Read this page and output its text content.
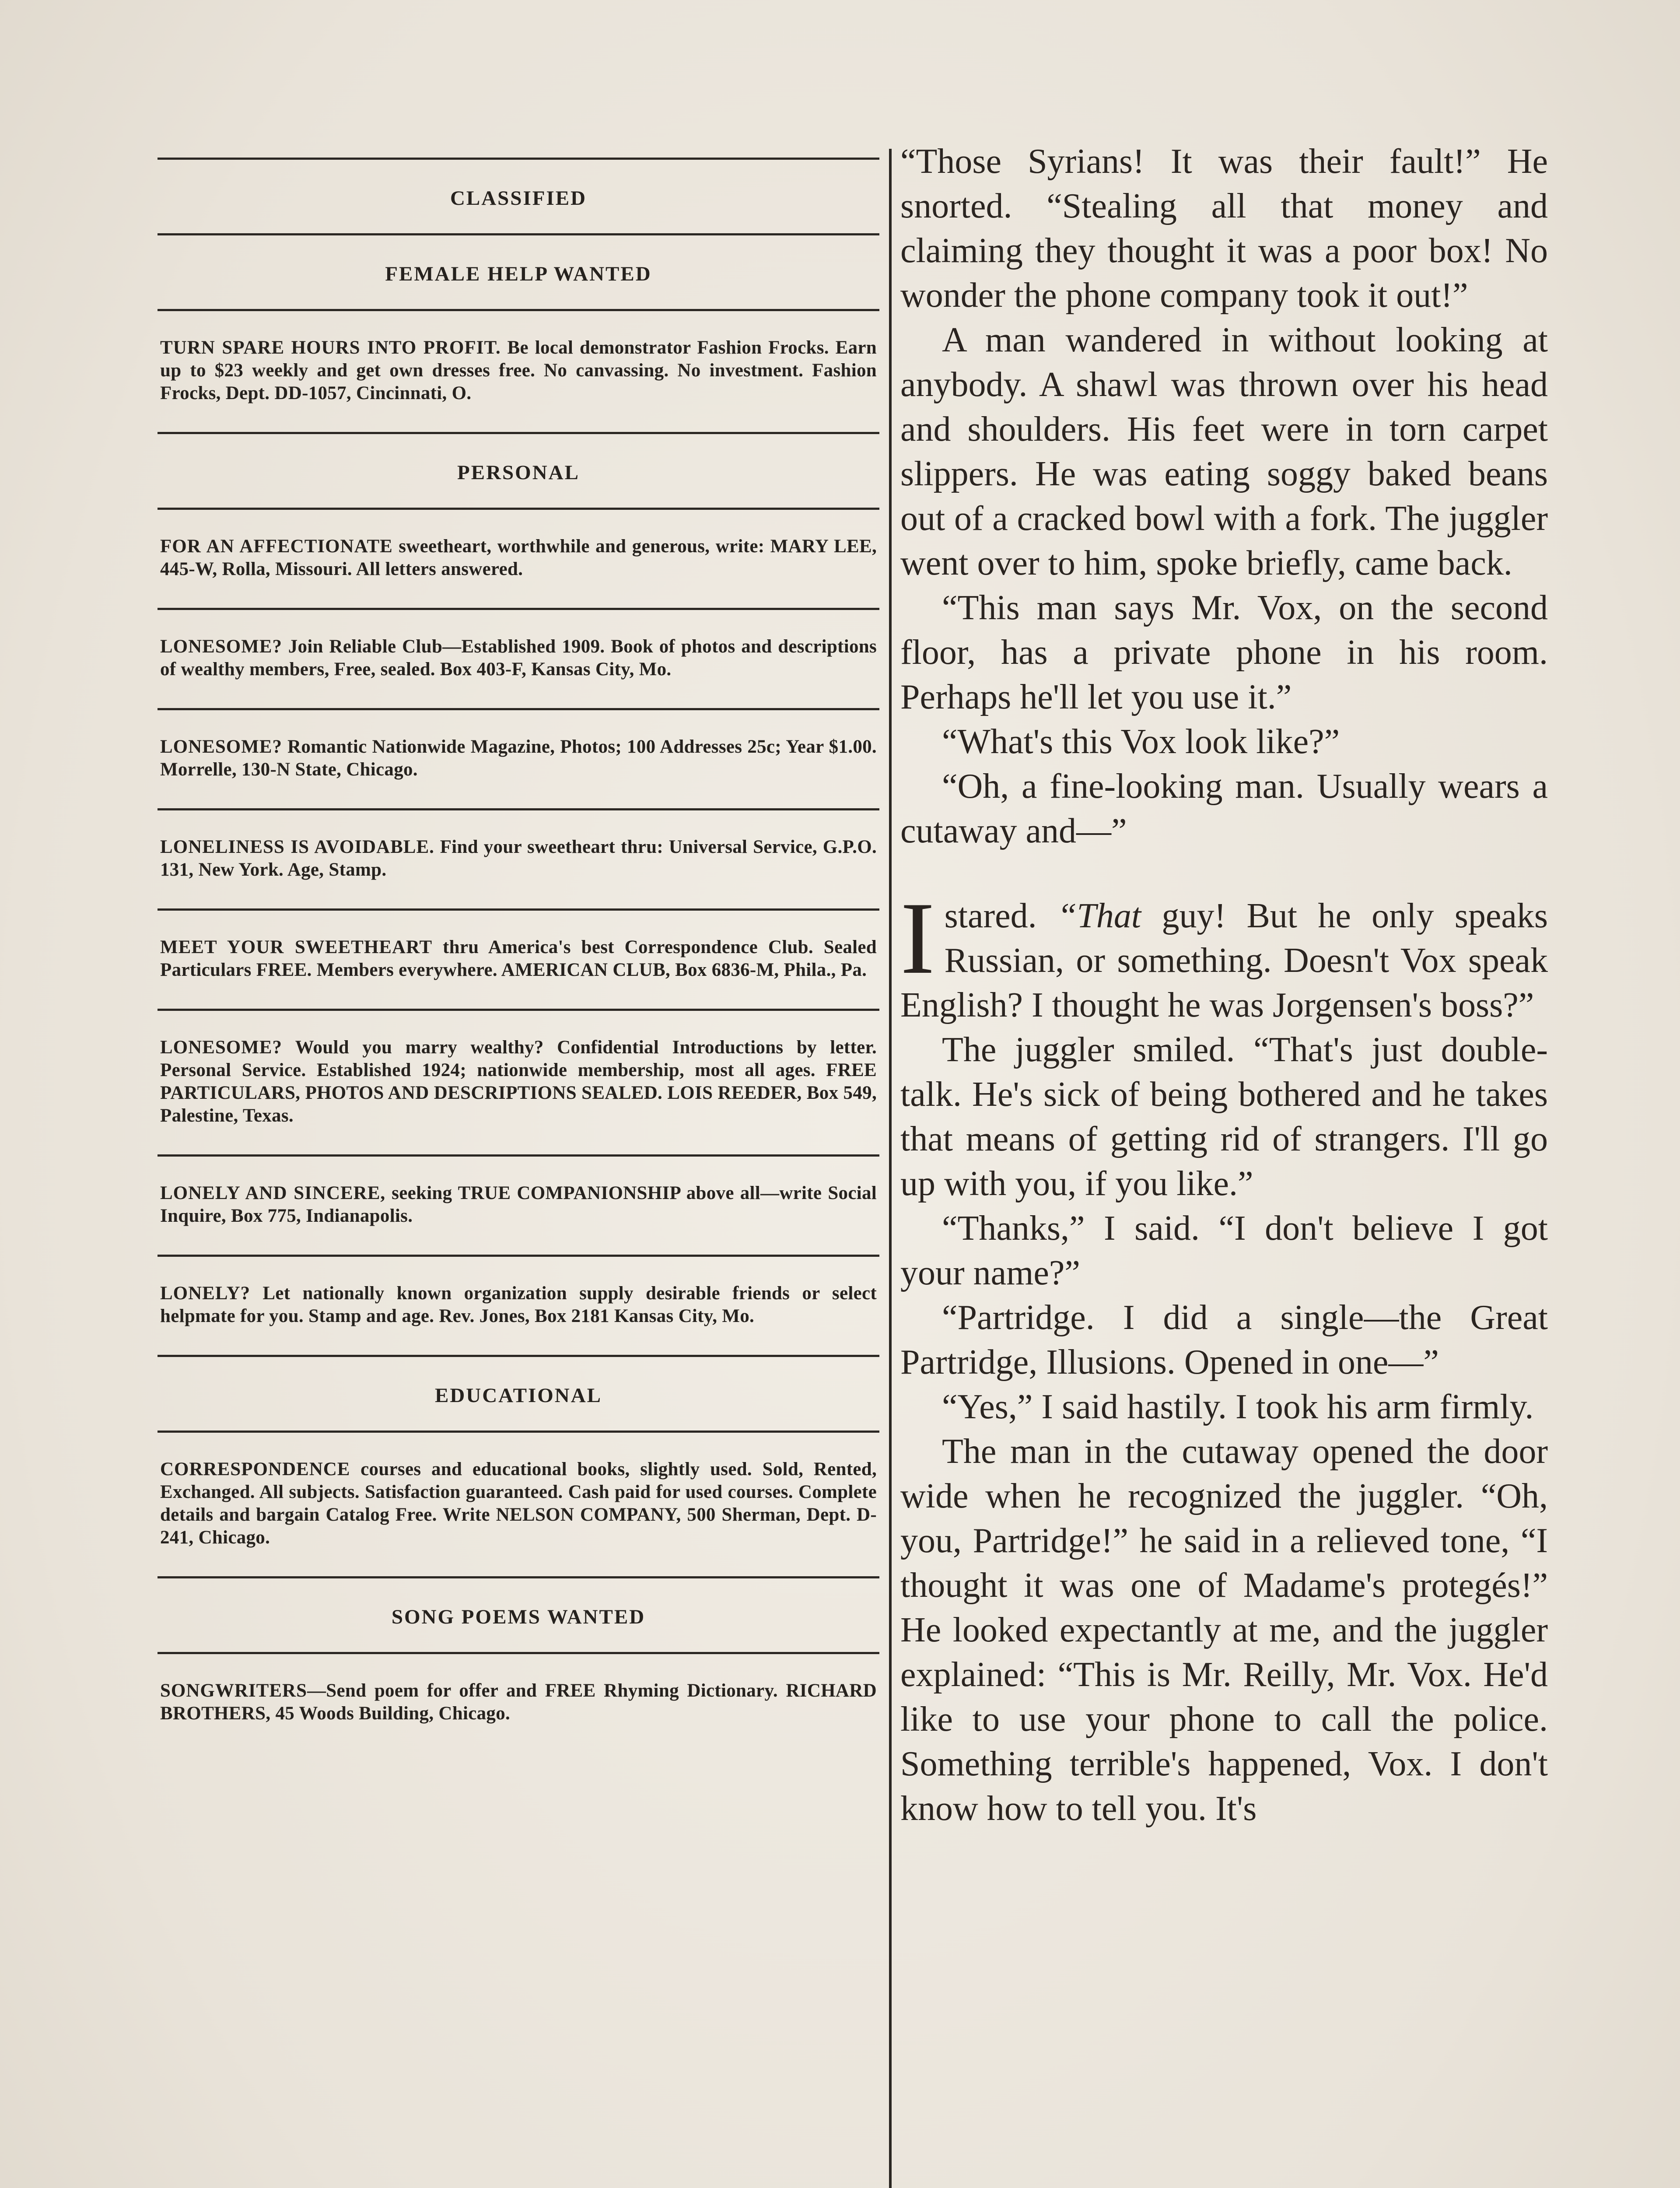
CLASSIFIED
FEMALE HELP WANTED
TURN SPARE HOURS INTO PROFIT. Be local demonstrator Fashion Frocks. Earn up to $23 weekly and get own dresses free. No canvassing. No investment. Fashion Frocks, Dept. DD-1057, Cincinnati, O.
PERSONAL
FOR AN AFFECTIONATE sweetheart, worthwhile and generous, write: MARY LEE, 445-W, Rolla, Missouri. All letters answered.
LONESOME? Join Reliable Club—Established 1909. Book of photos and descriptions of wealthy members, Free, sealed. Box 403-F, Kansas City, Mo.
LONESOME? Romantic Nationwide Magazine, Photos; 100 Addresses 25c; Year $1.00. Morrelle, 130-N State, Chicago.
LONELINESS IS AVOIDABLE. Find your sweetheart thru: Universal Service, G.P.O. 131, New York. Age, Stamp.
MEET YOUR SWEETHEART thru America's best Correspondence Club. Sealed Particulars FREE. Members everywhere. AMERICAN CLUB, Box 6836-M, Phila., Pa.
LONESOME? Would you marry wealthy? Confidential Introductions by letter. Personal Service. Established 1924; nationwide membership, most all ages. FREE PARTICULARS, PHOTOS AND DESCRIPTIONS SEALED. LOIS REEDER, Box 549, Palestine, Texas.
LONELY AND SINCERE, seeking TRUE COMPANIONSHIP above all—write Social Inquire, Box 775, Indianapolis.
LONELY? Let nationally known organization supply desirable friends or select helpmate for you. Stamp and age. Rev. Jones, Box 2181 Kansas City, Mo.
EDUCATIONAL
CORRESPONDENCE courses and educational books, slightly used. Sold, Rented, Exchanged. All subjects. Satisfaction guaranteed. Cash paid for used courses. Complete details and bargain Catalog Free. Write NELSON COMPANY, 500 Sherman, Dept. D-241, Chicago.
SONG POEMS WANTED
SONGWRITERS—Send poem for offer and FREE Rhyming Dictionary. RICHARD BROTHERS, 45 Woods Building, Chicago.

“Those Syrians! It was their fault!” He snorted. “Stealing all that money and claiming they thought it was a poor box! No wonder the phone company took it out!”

A man wandered in without looking at anybody. A shawl was thrown over his head and shoulders. His feet were in torn carpet slippers. He was eating soggy baked beans out of a cracked bowl with a fork. The juggler went over to him, spoke briefly, came back.

“This man says Mr. Vox, on the second floor, has a private phone in his room. Perhaps he'll let you use it.”

“What's this Vox look like?”

“Oh, a fine-looking man. Usually wears a cutaway and—”

I stared. “That guy! But he only speaks Russian, or something. Doesn't Vox speak English? I thought he was Jorgensen's boss?”

The juggler smiled. “That's just double-talk. He's sick of being bothered and he takes that means of getting rid of strangers. I'll go up with you, if you like.”

“Thanks,” I said. “I don't believe I got your name?”

“Partridge. I did a single—the Great Partridge, Illusions. Opened in one—”

“Yes,” I said hastily. I took his arm firmly.

The man in the cutaway opened the door wide when he recognized the juggler. “Oh, you, Partridge!” he said in a relieved tone, “I thought it was one of Madame's protegés!” He looked expectantly at me, and the juggler explained: “This is Mr. Reilly, Mr. Vox. He'd like to use your phone to call the police. Something terrible's happened, Vox. I don't know how to tell you. It's
